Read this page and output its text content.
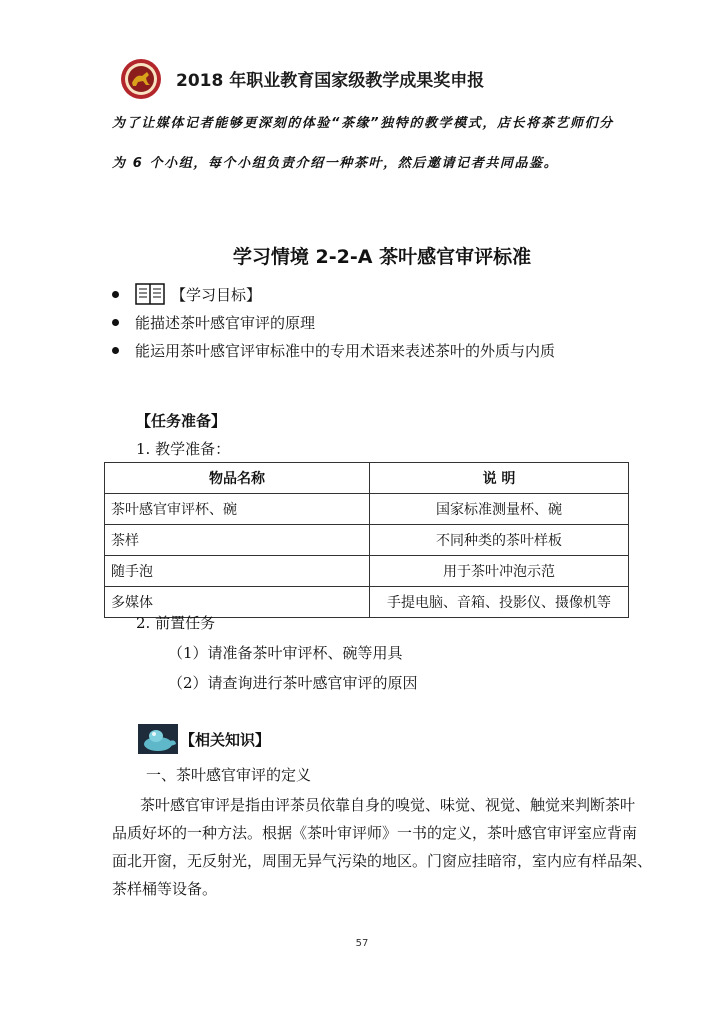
2018 年职业教育国家级教学成果奖申报
为了让媒体记者能够更深刻的体验“茶缘”独特的教学模式，店长将茶艺师们分
为 6 个小组，每个小组负责介绍一种茶叶，然后邀请记者共同品鉴。
学习情境 2-2-A 茶叶感官审评标准
【学习目标】
能描述茶叶感官审评的原理
能运用茶叶感官评审标准中的专用术语来表述茶叶的外质与内质
【任务准备】
1. 教学准备：
物品名称	说 明
茶叶感官审评杯、碗	国家标准测量杯、碗
茶样	不同种类的茶叶样板
随手泡	用于茶叶冲泡示范
多媒体	手提电脑、音箱、投影仪、摄像机等
2. 前置任务
（1）请准备茶叶审评杯、碗等用具
（2）请查询进行茶叶感官审评的原因
【相关知识】
一、茶叶感官审评的定义
茶叶感官审评是指由评茶员依靠自身的嗅觉、味觉、视觉、触觉来判断茶叶
品质好坏的一种方法。根据《茶叶审评师》一书的定义，茶叶感官审评室应背南
面北开窗，无反射光，周围无异气污染的地区。门窗应挂暗帘，室内应有样品架、
茶样桶等设备。
57
